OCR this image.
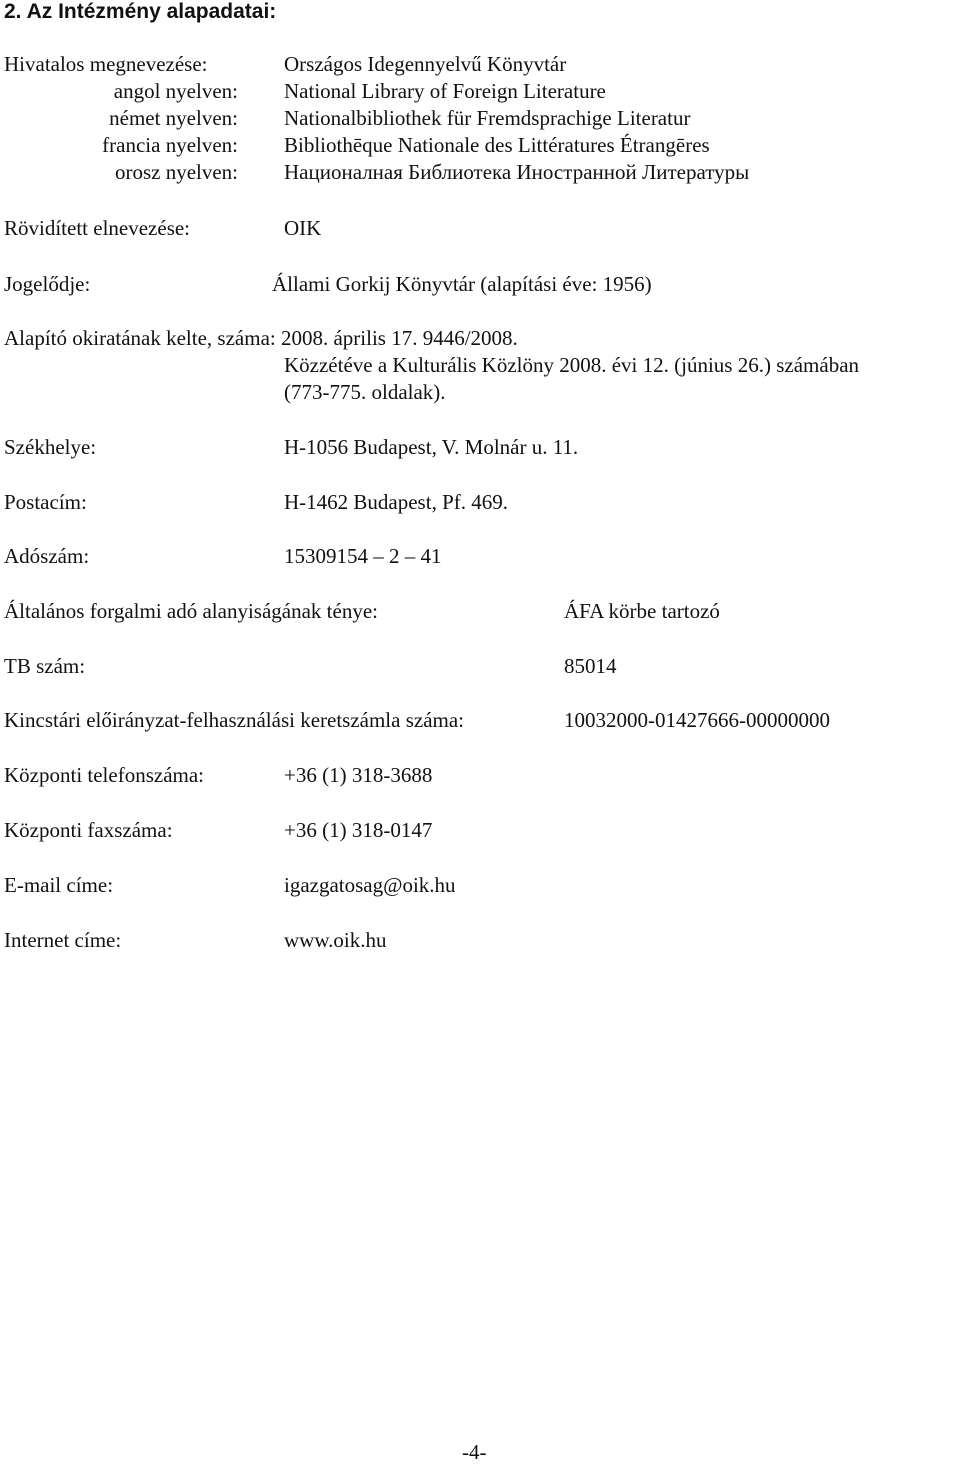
2. Az Intézmény alapadatai:
Hivatalos megnevezése:	Országos Idegennyelvű Könyvtár
angol nyelven: National Library of Foreign Literature
német nyelven: Nationalbibliothek für Fremdsprachige Literatur
francia nyelven: Bibliothēque Nationale des Littératures Étrangēres
orosz nyelven: Националная Библиотека Иностранной Литературы
Rövidített elnevezése:	OIK
Jogelődje:	Állami Gorkij Könyvtár (alapítási éve: 1956)
Alapító okiratának kelte, száma: 2008. április 17. 9446/2008.
Közzétéve a Kulturális Közlöny 2008. évi 12. (június 26.) számában
(773-775. oldalak).
Székhelye:	H-1056 Budapest, V. Molnár u. 11.
Postacím:	H-1462 Budapest, Pf. 469.
Adószám:	15309154 – 2 – 41
Általános forgalmi adó alanyiságának ténye:	ÁFA körbe tartozó
TB szám:	85014
Kincstári előirányzat-felhasználási keretszámla száma:	10032000-01427666-00000000
Központi telefonszáma:	+36 (1) 318-3688
Központi faxszáma:	+36 (1) 318-0147
E-mail címe:	igazgatosag@oik.hu
Internet címe:	www.oik.hu
-4-
